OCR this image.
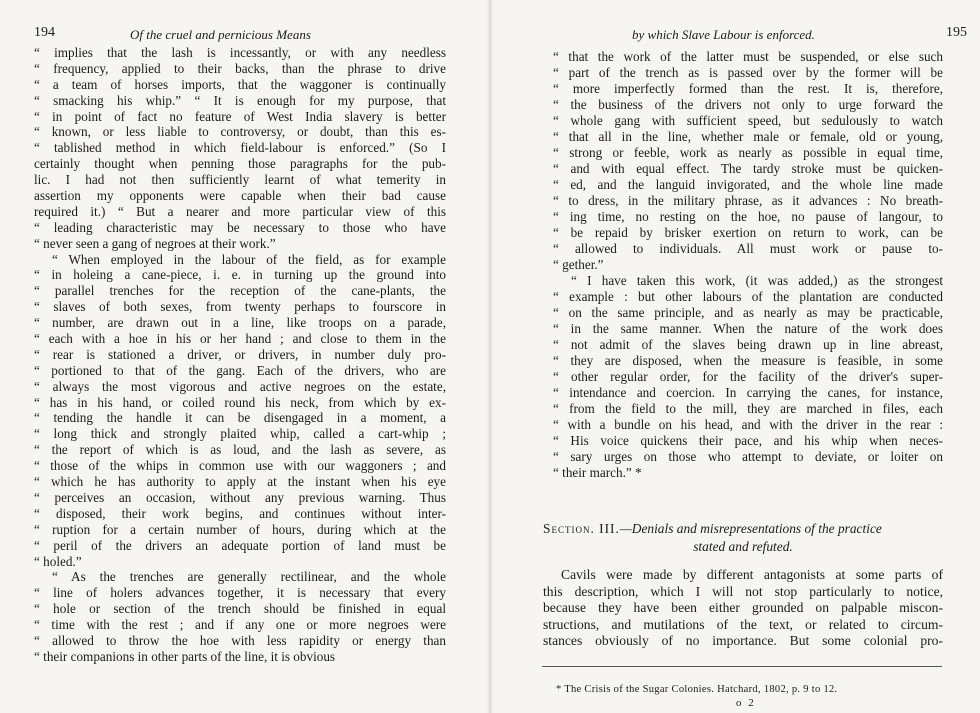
194	Of the cruel and pernicious Means
“ implies that the lash is incessantly, or with any needless
“ frequency, applied to their backs, than the phrase to drive
“ a team of horses imports, that the waggoner is continually
“ smacking his whip.” “ It is enough for my purpose, that
“ in point of fact no feature of West India slavery is better
“ known, or less liable to controversy, or doubt, than this es-
“ tablished method in which field-labour is enforced.” (So I
certainly thought when penning those paragraphs for the pub-
lic. I had not then sufficiently learnt of what temerity in
assertion my opponents were capable when their bad cause
required it.) “ But a nearer and more particular view of this
“ leading characteristic may be necessary to those who have
“ never seen a gang of negroes at their work.”
“ When employed in the labour of the field, as for example
“ in holeing a cane-piece, i. e. in turning up the ground into
“ parallel trenches for the reception of the cane-plants, the
“ slaves of both sexes, from twenty perhaps to fourscore in
“ number, are drawn out in a line, like troops on a parade,
“ each with a hoe in his or her hand ; and close to them in the
“ rear is stationed a driver, or drivers, in number duly pro-
“ portioned to that of the gang. Each of the drivers, who are
“ always the most vigorous and active negroes on the estate,
“ has in his hand, or coiled round his neck, from which by ex-
“ tending the handle it can be disengaged in a moment, a
“ long thick and strongly plaited whip, called a cart-whip ;
“ the report of which is as loud, and the lash as severe, as
“ those of the whips in common use with our waggoners ; and
“ which he has authority to apply at the instant when his eye
“ perceives an occasion, without any previous warning. Thus
“ disposed, their work begins, and continues without inter-
“ ruption for a certain number of hours, during which at the
“ peril of the drivers an adequate portion of land must be
“ holed.”
“ As the trenches are generally rectilinear, and the whole
“ line of holers advances together, it is necessary that every
“ hole or section of the trench should be finished in equal
“ time with the rest ; and if any one or more negroes were
“ allowed to throw the hoe with less rapidity or energy than
“ their companions in other parts of the line, it is obvious
195
by which Slave Labour is enforced.
“ that the work of the latter must be suspended, or else such
“ part of the trench as is passed over by the former will be
“ more imperfectly formed than the rest. It is, therefore,
“ the business of the drivers not only to urge forward the
“ whole gang with sufficient speed, but sedulously to watch
“ that all in the line, whether male or female, old or young,
“ strong or feeble, work as nearly as possible in equal time,
“ and with equal effect. The tardy stroke must be quicken-
“ ed, and the languid invigorated, and the whole line made
“ to dress, in the military phrase, as it advances : No breath-
“ ing time, no resting on the hoe, no pause of langour, to
“ be repaid by brisker exertion on return to work, can be
“ allowed to individuals. All must work or pause to-
“ gether.”
“ I have taken this work, (it was added,) as the strongest
“ example : but other labours of the plantation are conducted
“ on the same principle, and as nearly as may be practicable,
“ in the same manner. When the nature of the work does
“ not admit of the slaves being drawn up in line abreast,
“ they are disposed, when the measure is feasible, in some
“ other regular order, for the facility of the driver's super-
“ intendance and coercion. In carrying the canes, for instance,
“ from the field to the mill, they are marched in files, each
“ with a bundle on his head, and with the driver in the rear :
“ His voice quickens their pace, and his whip when neces-
“ sary urges on those who attempt to deviate, or loiter on
“ their march.” *
Section. III.—Denials and misrepresentations of the practice
stated and refuted.
Cavils were made by different antagonists at some parts of
this description, which I will not stop particularly to notice,
because they have been either grounded on palpable miscon-
structions, and mutilations of the text, or related to circum-
stances obviously of no importance. But some colonial pro-
* The Crisis of the Sugar Colonies. Hatchard, 1802, p. 9 to 12.
o 2
